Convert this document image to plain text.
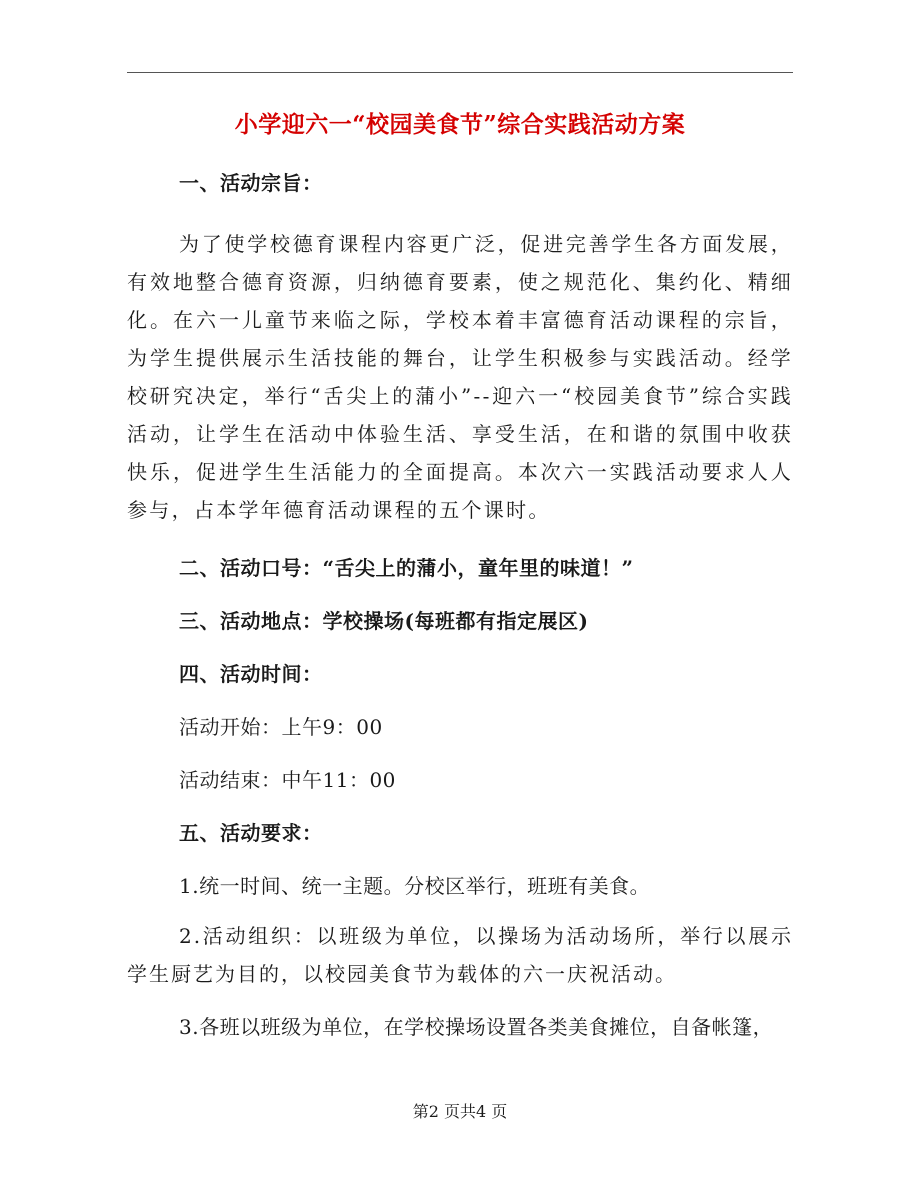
小学迎六一“校园美食节”综合实践活动方案
一、活动宗旨：
为了使学校德育课程内容更广泛，促进完善学生各方面发展，有效地整合德育资源，归纳德育要素，使之规范化、集约化、精细化。在六一儿童节来临之际，学校本着丰富德育活动课程的宗旨，为学生提供展示生活技能的舞台，让学生积极参与实践活动。经学校研究决定，举行“舌尖上的蒲小”--迎六一“校园美食节”综合实践活动，让学生在活动中体验生活、享受生活，在和谐的氛围中收获快乐，促进学生生活能力的全面提高。本次六一实践活动要求人人参与，占本学年德育活动课程的五个课时。
二、活动口号：“舌尖上的蒲小，童年里的味道！”
三、活动地点：学校操场(每班都有指定展区)
四、活动时间：
活动开始：上午9：00
活动结束：中午11：00
五、活动要求：
1.统一时间、统一主题。分校区举行，班班有美食。
2.活动组织：以班级为单位，以操场为活动场所，举行以展示学生厨艺为目的，以校园美食节为载体的六一庆祝活动。
3.各班以班级为单位，在学校操场设置各类美食摊位，自备帐篷，
第2 页共4 页
